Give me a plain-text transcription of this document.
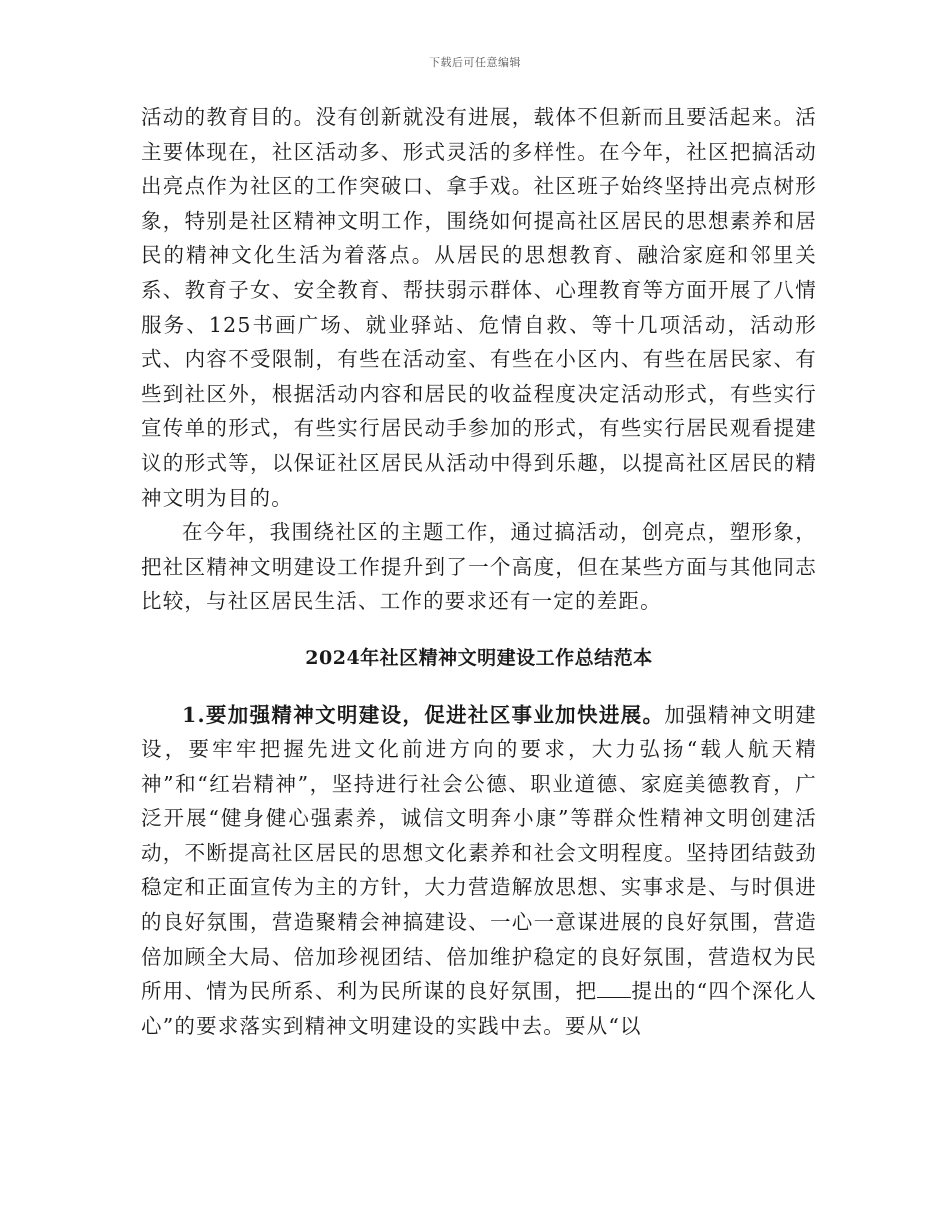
下载后可任意编辑

活动的教育目的。没有创新就没有进展，载体不但新而且要活起来。活主要体现在，社区活动多、形式灵活的多样性。在今年，社区把搞活动出亮点作为社区的工作突破口、拿手戏。社区班子始终坚持出亮点树形象，特别是社区精神文明工作，围绕如何提高社区居民的思想素养和居民的精神文化生活为着落点。从居民的思想教育、融洽家庭和邻里关系、教育子女、安全教育、帮扶弱示群体、心理教育等方面开展了八情服务、125书画广场、就业驿站、危情自救、等十几项活动，活动形式、内容不受限制，有些在活动室、有些在小区内、有些在居民家、有些到社区外，根据活动内容和居民的收益程度决定活动形式，有些实行宣传单的形式，有些实行居民动手参加的形式，有些实行居民观看提建议的形式等，以保证社区居民从活动中得到乐趣，以提高社区居民的精神文明为目的。

在今年，我围绕社区的主题工作，通过搞活动，创亮点，塑形象，把社区精神文明建设工作提升到了一个高度，但在某些方面与其他同志比较，与社区居民生活、工作的要求还有一定的差距。

2024年社区精神文明建设工作总结范本

1.要加强精神文明建设，促进社区事业加快进展。加强精神文明建设，要牢牢把握先进文化前进方向的要求，大力弘扬“载人航天精神”和“红岩精神”，坚持进行社会公德、职业道德、家庭美德教育，广泛开展“健身健心强素养，诚信文明奔小康”等群众性精神文明创建活动，不断提高社区居民的思想文化素养和社会文明程度。坚持团结鼓劲稳定和正面宣传为主的方针，大力营造解放思想、实事求是、与时俱进的良好氛围，营造聚精会神搞建设、一心一意谋进展的良好氛围，营造倍加顾全大局、倍加珍视团结、倍加维护稳定的良好氛围，营造权为民所用、情为民所系、利为民所谋的良好氛围，把 提出的“四个深化人心”的要求落实到精神文明建设的实践中去。要从“以
